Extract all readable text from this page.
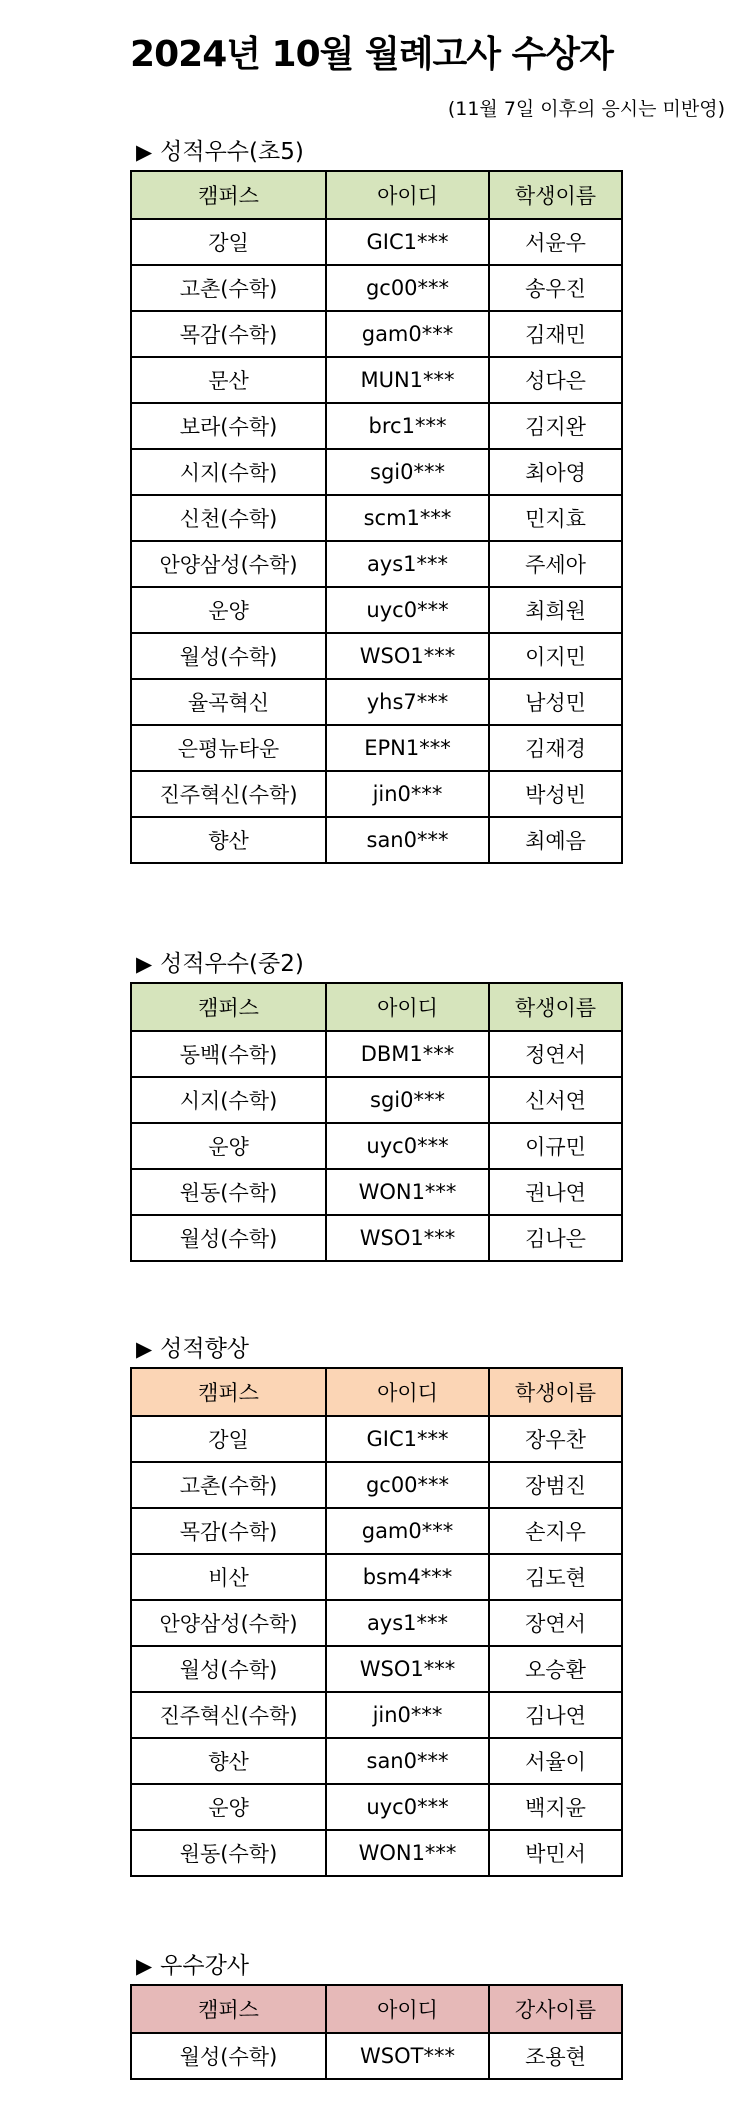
2024년 10월 월례고사 수상자
(11월 7일 이후의 응시는 미반영)
▶ 성적우수(초5)
캠퍼스	아이디	학생이름
강일	GIC1***	서윤우
고촌(수학)	gc00***	송우진
목감(수학)	gam0***	김재민
문산	MUN1***	성다은
보라(수학)	brc1***	김지완
시지(수학)	sgi0***	최아영
신천(수학)	scm1***	민지효
안양삼성(수학)	ays1***	주세아
운양	uyc0***	최희원
월성(수학)	WSO1***	이지민
율곡혁신	yhs7***	남성민
은평뉴타운	EPN1***	김재경
진주혁신(수학)	jin0***	박성빈
향산	san0***	최예음
▶ 성적우수(중2)
캠퍼스	아이디	학생이름
동백(수학)	DBM1***	정연서
시지(수학)	sgi0***	신서연
운양	uyc0***	이규민
원동(수학)	WON1***	권나연
월성(수학)	WSO1***	김나은
▶ 성적향상
캠퍼스	아이디	학생이름
강일	GIC1***	장우찬
고촌(수학)	gc00***	장범진
목감(수학)	gam0***	손지우
비산	bsm4***	김도현
안양삼성(수학)	ays1***	장연서
월성(수학)	WSO1***	오승환
진주혁신(수학)	jin0***	김나연
향산	san0***	서율이
운양	uyc0***	백지윤
원동(수학)	WON1***	박민서
▶ 우수강사
캠퍼스	아이디	강사이름
월성(수학)	WSOT***	조용현
